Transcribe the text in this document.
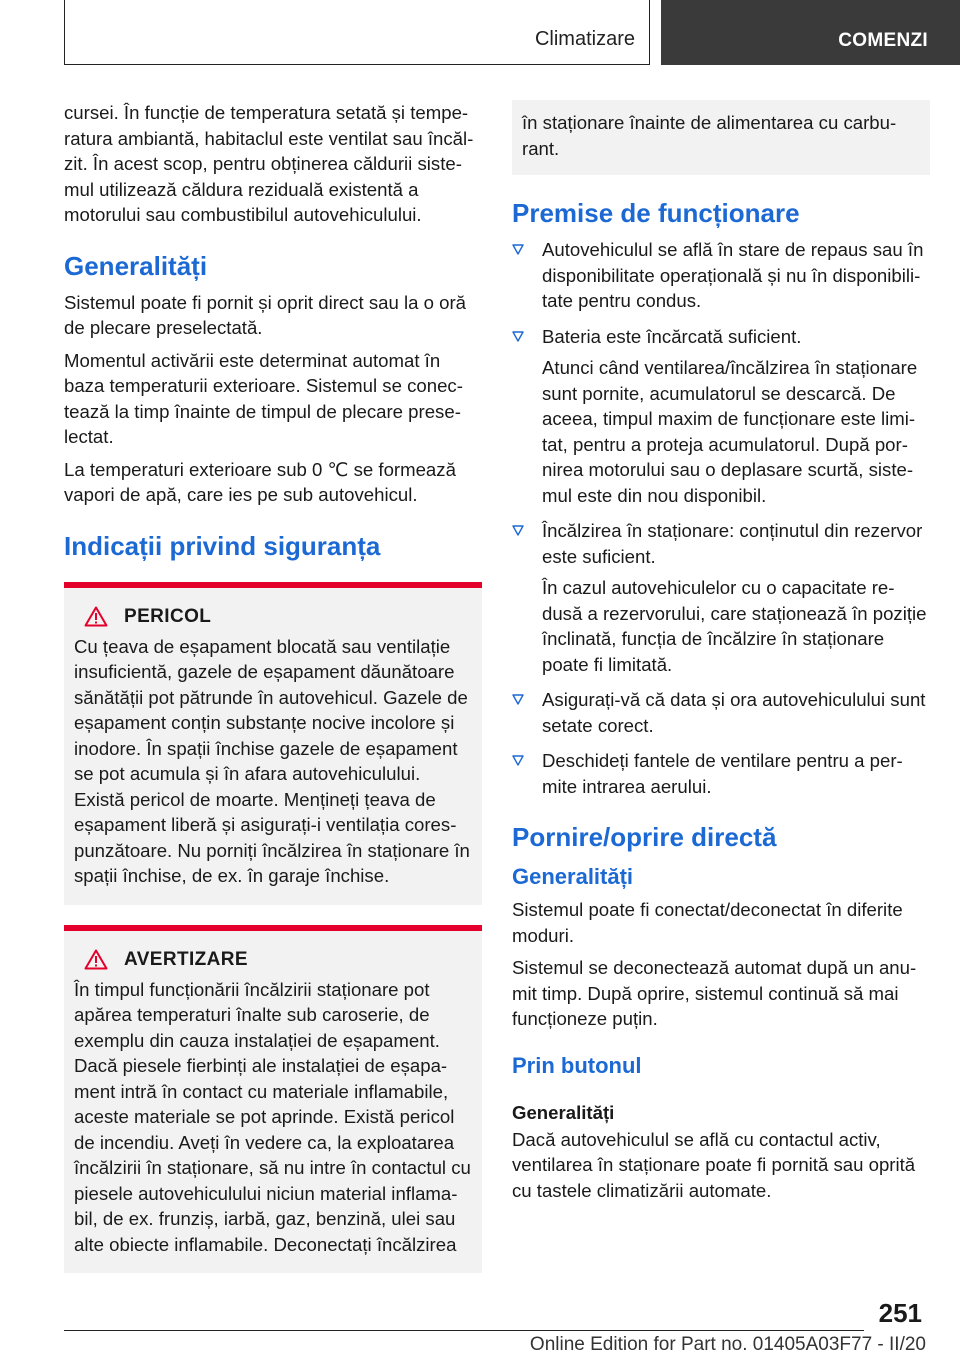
Climatizare	COMENZI

cursei. În funcție de temperatura setată și tempe-ratura ambiantă, habitaclul este ventilat sau încăl-zit. În acest scop, pentru obținerea căldurii siste-mul utilizează căldura reziduală existentă a motorului sau combustibilul autovehiculului.

Generalități

Sistemul poate fi pornit și oprit direct sau la o oră de plecare preselectată.

Momentul activării este determinat automat în baza temperaturii exterioare. Sistemul se conec-tează la timp înainte de timpul de plecare prese-lectat.

La temperaturi exterioare sub 0 ℃ se formează vapori de apă, care ies pe sub autovehicul.

Indicații privind siguranța
PERICOL

Cu țeava de eșapament blocată sau ventilație insuficientă, gazele de eșapament dăunătoare sănătății pot pătrunde în autovehicul. Gazele de eșapament conțin substanțe nocive incolore și inodore. În spații închise gazele de eșapament se pot acumula și în afara autovehiculului. Există pericol de moarte. Mențineți țeava de eșapament liberă și asigurați-i ventilația cores-punzătoare. Nu porniți încălzirea în staționare în spații închise, de ex. în garaje închise.

AVERTIZARE

În timpul funcționării încălzirii staționare pot apărea temperaturi înalte sub caroserie, de exemplu din cauza instalației de eșapament. Dacă piesele fierbinți ale instalației de eșapa-ment intră în contact cu materiale inflamabile, aceste materiale se pot aprinde. Există pericol de incendiu. Aveți în vedere ca, la exploatarea încălzirii în staționare, să nu intre în contactul cu piesele autovehiculului niciun material inflama-bil, de ex. frunziș, iarbă, gaz, benzină, ulei sau alte obiecte inflamabile. Deconectați încălzirea

în staționare înainte de alimentarea cu carbu-rant.

Premise de funcționare

Autovehiculul se află în stare de repaus sau în disponibilitate operațională și nu în disponibili-tate pentru condus.

Bateria este încărcată suficient.

Atunci când ventilarea/încălzirea în staționare sunt pornite, acumulatorul se descarcă. De aceea, timpul maxim de funcționare este limi-tat, pentru a proteja acumulatorul. După por-nirea motorului sau o deplasare scurtă, siste-mul este din nou disponibil.

Încălzirea în staționare: conținutul din rezervor este suficient.

În cazul autovehiculelor cu o capacitate re-dusă a rezervorului, care staționează în poziție înclinată, funcția de încălzire în staționare poate fi limitată.

Asigurați-vă că data și ora autovehiculului sunt setate corect.

Deschideți fantele de ventilare pentru a per-mite intrarea aerului.

Pornire/oprire directă
Generalități

Sistemul poate fi conectat/deconectat în diferite moduri.

Sistemul se deconectează automat după un anu-mit timp. După oprire, sistemul continuă să mai funcționeze puțin.

Prin butonul
Generalități

Dacă autovehiculul se află cu contactul activ, ventilarea în staționare poate fi pornită sau oprită cu tastele climatizării automate.

251
Online Edition for Part no. 01405A03F77 - II/20
